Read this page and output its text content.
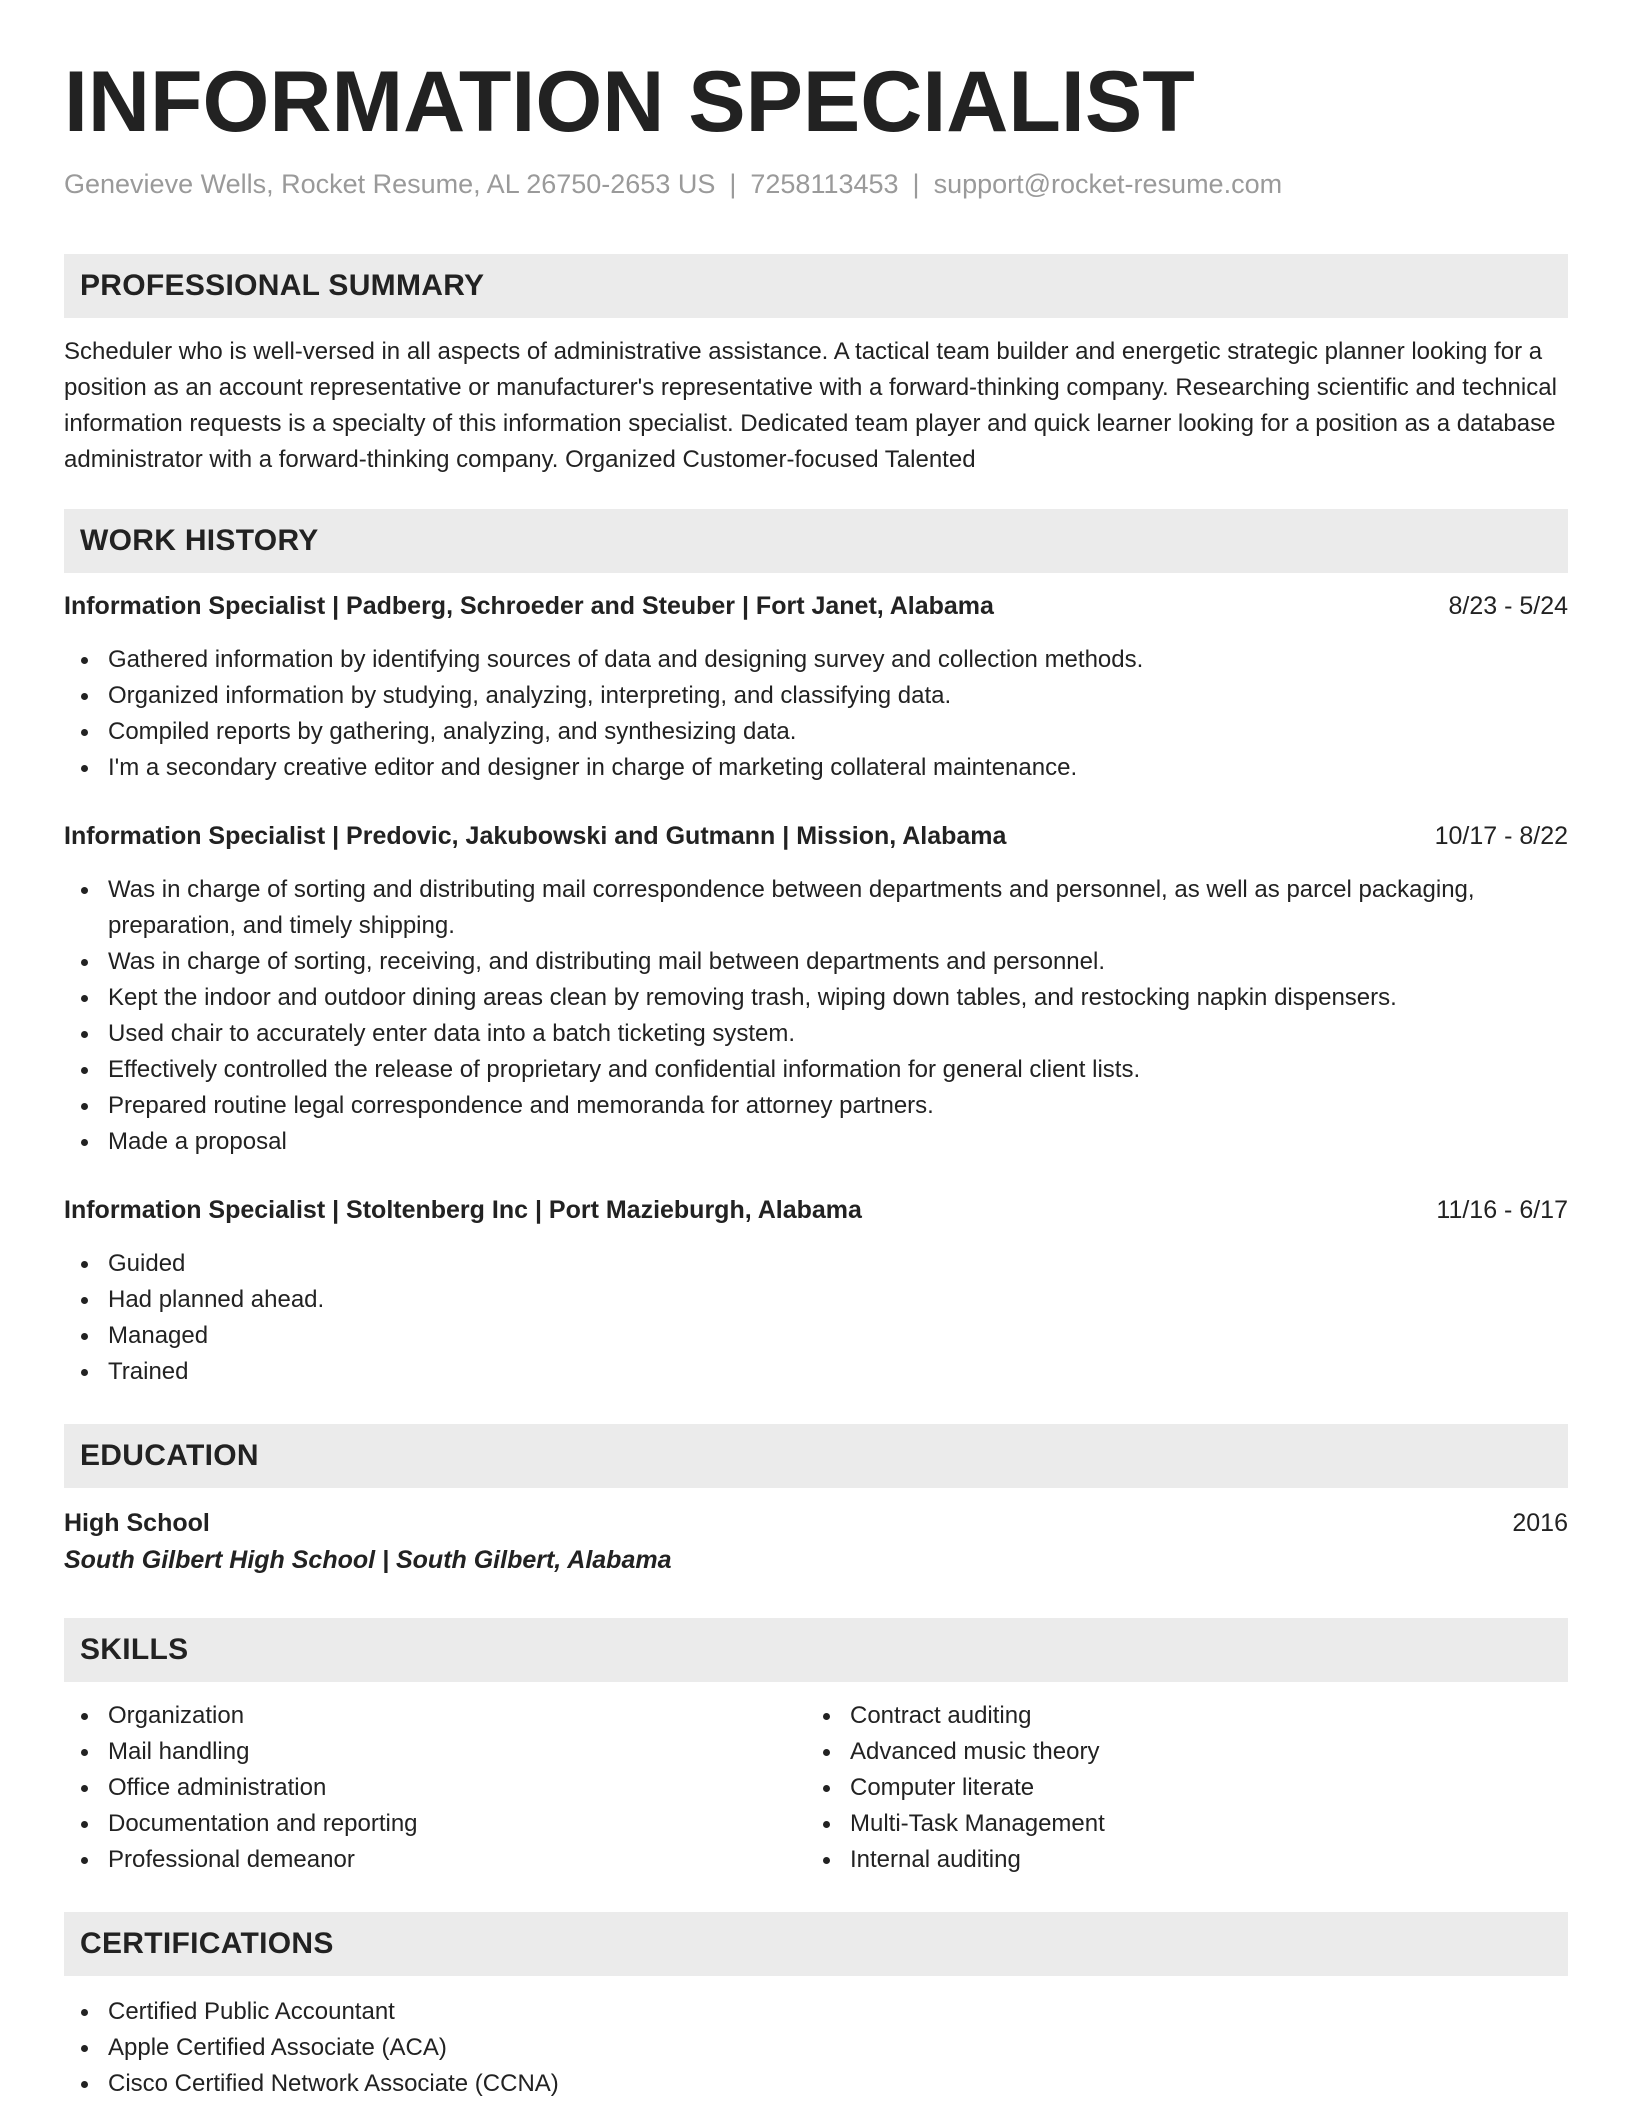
INFORMATION SPECIALIST
Genevieve Wells, Rocket Resume, AL 26750-2653 US | 7258113453 | support@rocket-resume.com
PROFESSIONAL SUMMARY

Scheduler who is well-versed in all aspects of administrative assistance. A tactical team builder and energetic strategic planner looking for a position as an account representative or manufacturer's representative with a forward-thinking company. Researching scientific and technical information requests is a specialty of this information specialist. Dedicated team player and quick learner looking for a position as a database administrator with a forward-thinking company. Organized Customer-focused Talented

WORK HISTORY
Information Specialist | Padberg, Schroeder and Steuber | Fort Janet, Alabama	8/23 - 5/24
Gathered information by identifying sources of data and designing survey and collection methods.
Organized information by studying, analyzing, interpreting, and classifying data.
Compiled reports by gathering, analyzing, and synthesizing data.
I'm a secondary creative editor and designer in charge of marketing collateral maintenance.
Information Specialist | Predovic, Jakubowski and Gutmann | Mission, Alabama	10/17 - 8/22
Was in charge of sorting and distributing mail correspondence between departments and personnel, as well as parcel packaging, preparation, and timely shipping.
Was in charge of sorting, receiving, and distributing mail between departments and personnel.
Kept the indoor and outdoor dining areas clean by removing trash, wiping down tables, and restocking napkin dispensers.
Used chair to accurately enter data into a batch ticketing system.
Effectively controlled the release of proprietary and confidential information for general client lists.
Prepared routine legal correspondence and memoranda for attorney partners.
Made a proposal
Information Specialist | Stoltenberg Inc | Port Mazieburgh, Alabama	11/16 - 6/17
Guided
Had planned ahead.
Managed
Trained
EDUCATION
High School	2016
South Gilbert High School | South Gilbert, Alabama
SKILLS
Organization
Mail handling
Office administration
Documentation and reporting
Professional demeanor
Contract auditing
Advanced music theory
Computer literate
Multi-Task Management
Internal auditing
CERTIFICATIONS
Certified Public Accountant
Apple Certified Associate (ACA)
Cisco Certified Network Associate (CCNA)
